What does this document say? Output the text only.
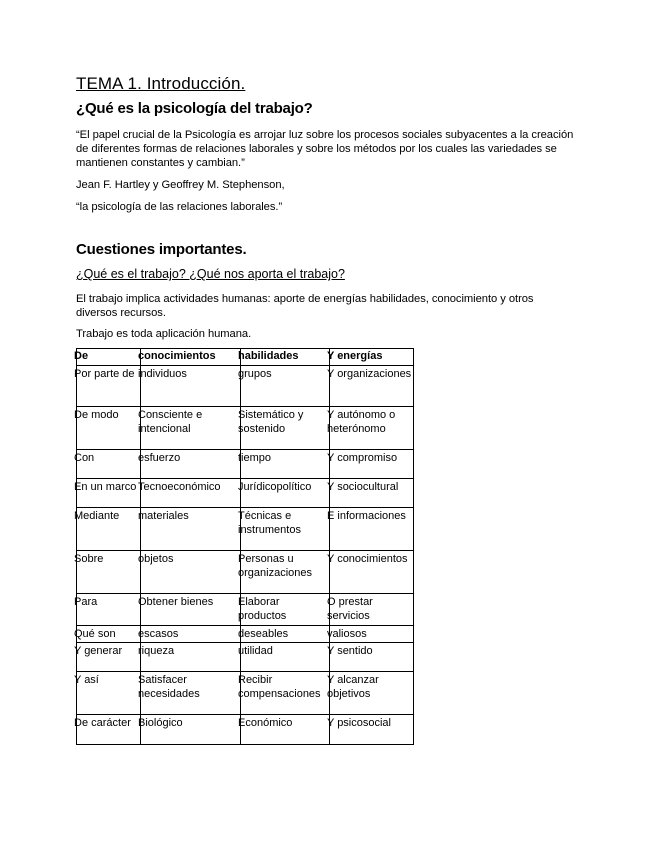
TEMA 1. Introducción.
¿Qué es la psicología del trabajo?
“El papel crucial de la Psicología es arrojar luz sobre los procesos sociales subyacentes a la creación de diferentes formas de relaciones laborales y sobre los métodos por los cuales las variedades se mantienen constantes y cambian.”
Jean F. Hartley y Geoffrey M. Stephenson,
“la psicología de las relaciones laborales.”
Cuestiones importantes.
¿Qué es el trabajo? ¿Qué nos aporta el trabajo?
El trabajo implica actividades humanas: aporte de energías habilidades, conocimiento y otros diversos recursos.
Trabajo es toda aplicación humana.
De	conocimientos	habilidades	Y energías

Por parte de	individuos	grupos	Y organizaciones

De modo	Consciente e intencional	Sistemático y sostenido	Y autónomo o heterónomo

Con	esfuerzo	tiempo	Y compromiso

En un marco	Tecnoeconómico	Jurídicopolítico	Y sociocultural

Mediante	materiales	Técnicas e instrumentos	E informaciones

Sobre	objetos	Personas u organizaciones	Y conocimientos

Para	Obtener bienes	Elaborar productos	O prestar servicios

Qué son	escasos	deseables	valiosos

Y generar	riqueza	utilidad	Y sentido

Y así	Satisfacer necesidades	Recibir compensaciones	Y alcanzar objetivos

De carácter	Biológico	Económico	Y psicosocial
